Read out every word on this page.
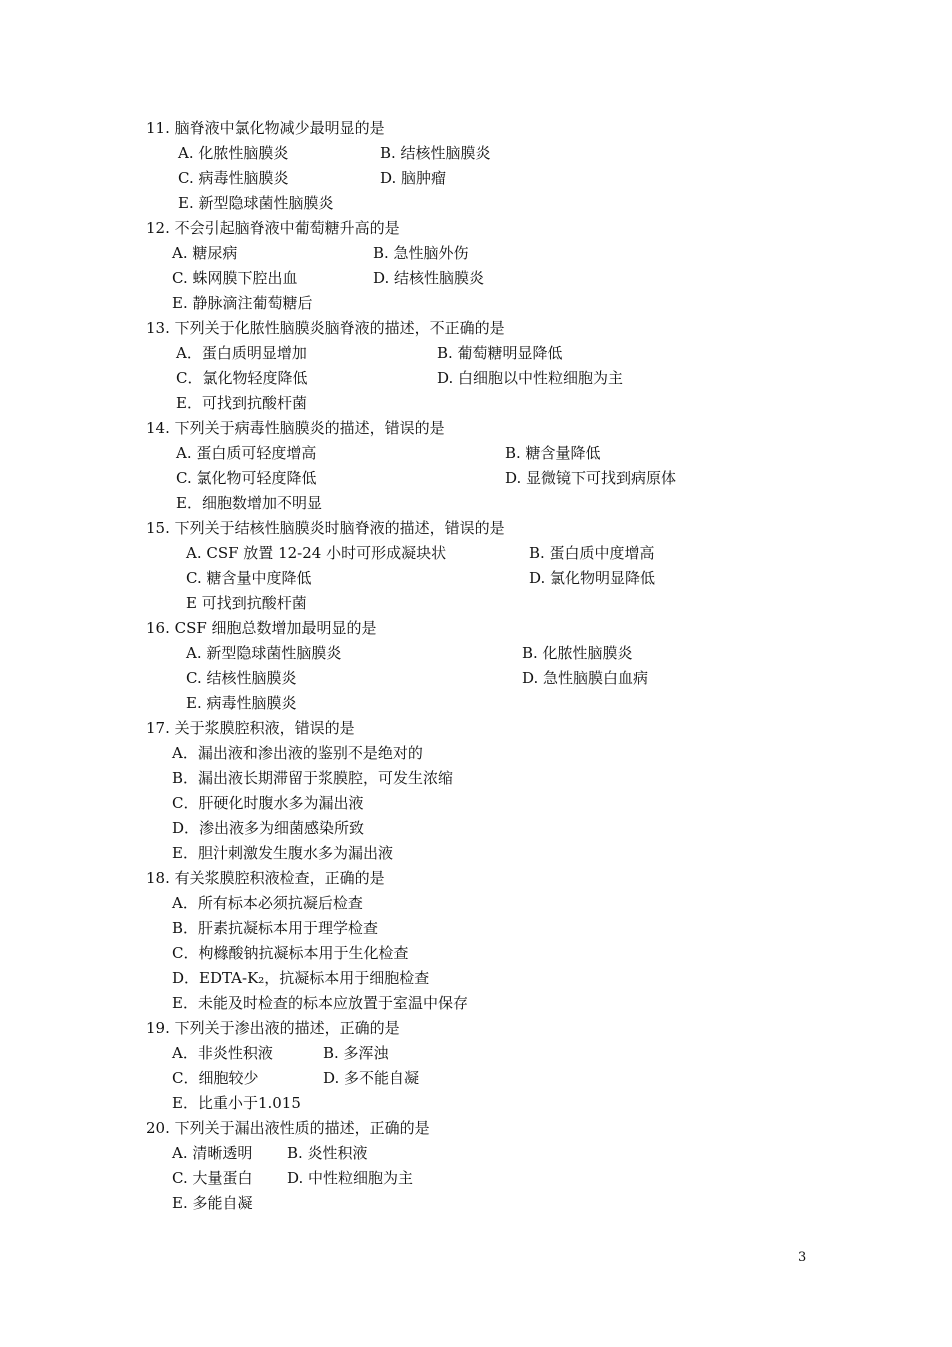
11. 脑脊液中氯化物减少最明显的是
A. 化脓性脑膜炎	B. 结核性脑膜炎
C. 病毒性脑膜炎	D. 脑肿瘤
E. 新型隐球菌性脑膜炎
12. 不会引起脑脊液中葡萄糖升高的是
A. 糖尿病	B. 急性脑外伤
C. 蛛网膜下腔出血	D. 结核性脑膜炎
E. 静脉滴注葡萄糖后
13. 下列关于化脓性脑膜炎脑脊液的描述，不正确的是
A．蛋白质明显增加	B. 葡萄糖明显降低
C．氯化物轻度降低	D. 白细胞以中性粒细胞为主
E．可找到抗酸杆菌
14. 下列关于病毒性脑膜炎的描述，错误的是
A. 蛋白质可轻度增高	B. 糖含量降低
C. 氯化物可轻度降低	D. 显微镜下可找到病原体
E．细胞数增加不明显
15. 下列关于结核性脑膜炎时脑脊液的描述，错误的是
A. CSF 放置 12-24 小时可形成凝块状	B. 蛋白质中度增高
C. 糖含量中度降低	D. 氯化物明显降低
E 可找到抗酸杆菌
16. CSF 细胞总数增加最明显的是
A. 新型隐球菌性脑膜炎	B. 化脓性脑膜炎
C. 结核性脑膜炎	D. 急性脑膜白血病
E. 病毒性脑膜炎
17. 关于浆膜腔积液，错误的是
A．漏出液和渗出液的鉴别不是绝对的
B．漏出液长期滞留于浆膜腔，可发生浓缩
C．肝硬化时腹水多为漏出液
D．渗出液多为细菌感染所致
E．胆汁刺激发生腹水多为漏出液
18. 有关浆膜腔积液检查，正确的是
A．所有标本必须抗凝后检查
B．肝素抗凝标本用于理学检查
C．枸橼酸钠抗凝标本用于生化检查
D．EDTA-K₂，抗凝标本用于细胞检查
E．未能及时检查的标本应放置于室温中保存
19. 下列关于渗出液的描述，正确的是
A．非炎性积液	B. 多浑浊
C．细胞较少	D. 多不能自凝
E．比重小于1.015
20. 下列关于漏出液性质的描述，正确的是
A. 清晰透明 B. 炎性积液
C. 大量蛋白 D. 中性粒细胞为主
E. 多能自凝
3
